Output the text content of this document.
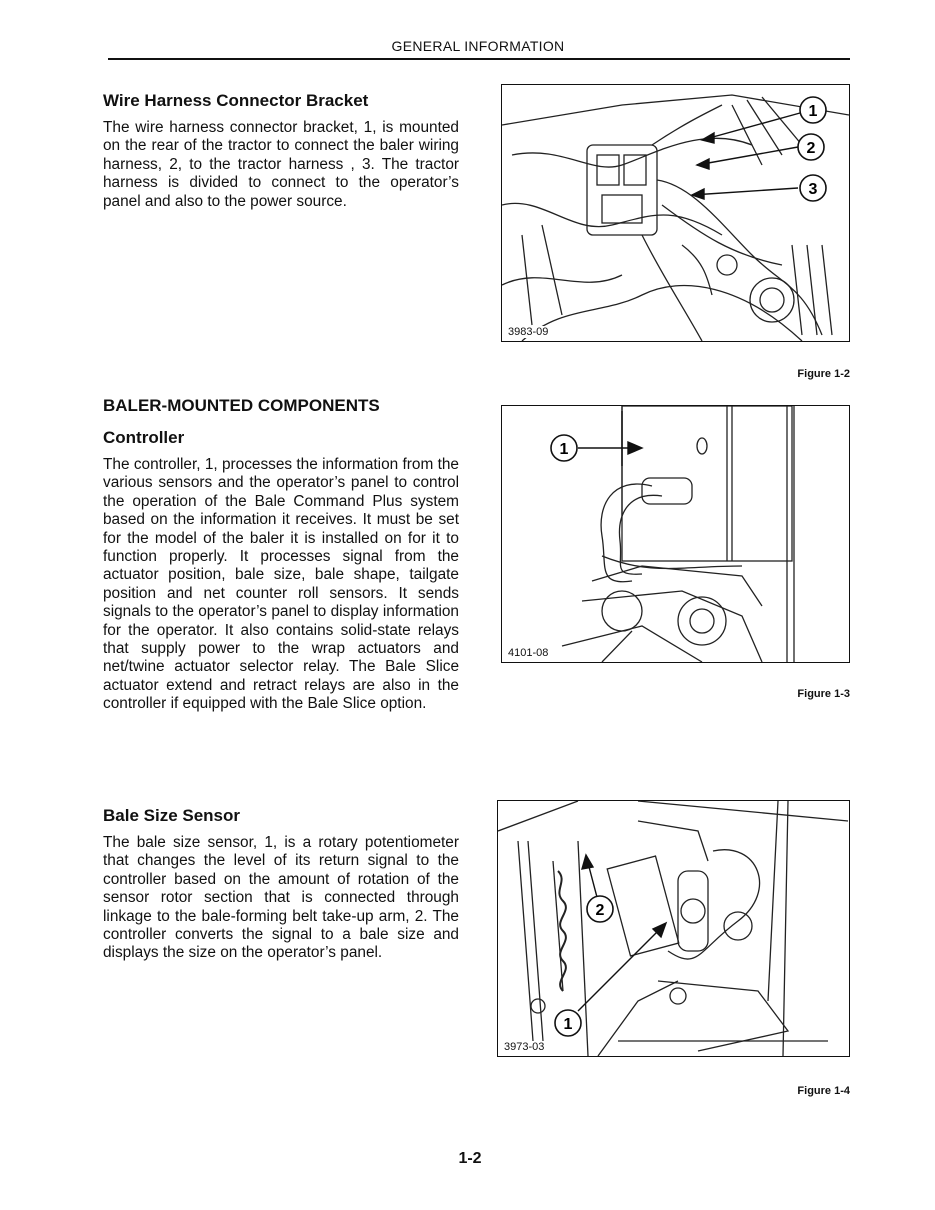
GENERAL INFORMATION
Wire Harness Connector Bracket

The wire harness connector bracket, 1, is mounted on the rear of the tractor to connect the baler wiring harness, 2, to the tractor harness , 3. The tractor harness is divided to connect to the operator’s panel and also to the power source.

1
2
3
3983-09
Figure 1-2
BALER-MOUNTED COMPONENTS
Controller

The controller, 1, processes the information from the various sensors and the operator’s panel to control the operation of the Bale Command Plus system based on the information it receives. It must be set for the model of the baler it is installed on for it to function properly. It processes signal from the actuator position, bale size, bale shape, tailgate position and net counter roll sensors. It sends signals to the operator’s panel to display information for the operator. It also contains solid-state relays that supply power to the wrap actuators and net/twine actuator selector relay. The Bale Slice actuator extend and retract relays are also in the controller if equipped with the Bale Slice option.

1
4101-08
Figure 1-3
Bale Size Sensor

The bale size sensor, 1, is a rotary potentiometer that changes the level of its return signal to the controller based on the amount of rotation of the sensor rotor section that is connected through linkage to the bale-forming belt take-up arm, 2. The controller converts the signal to a bale size and displays the size on the operator’s panel.

2
1
3973-03
Figure 1-4
1-2
